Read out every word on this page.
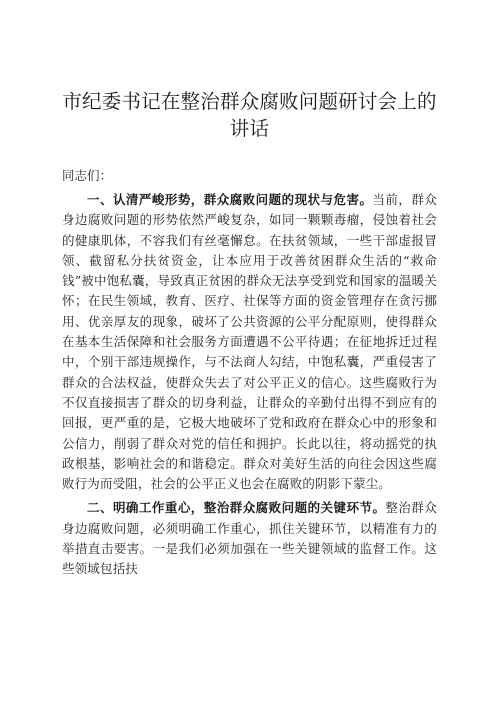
市纪委书记在整治群众腐败问题研讨会上的讲话
同志们：

一、认清严峻形势，群众腐败问题的现状与危害。当前，群众身边腐败问题的形势依然严峻复杂，如同一颗颗毒瘤，侵蚀着社会的健康肌体，不容我们有丝毫懈怠。在扶贫领域，一些干部虚报冒领、截留私分扶贫资金，让本应用于改善贫困群众生活的“救命钱”被中饱私囊，导致真正贫困的群众无法享受到党和国家的温暖关怀；在民生领域，教育、医疗、社保等方面的资金管理存在贪污挪用、优亲厚友的现象，破坏了公共资源的公平分配原则，使得群众在基本生活保障和社会服务方面遭遇不公平待遇；在征地拆迁过程中，个别干部违规操作，与不法商人勾结，中饱私囊，严重侵害了群众的合法权益，使群众失去了对公平正义的信心。这些腐败行为不仅直接损害了群众的切身利益，让群众的辛勤付出得不到应有的回报，更严重的是，它极大地破坏了党和政府在群众心中的形象和公信力，削弱了群众对党的信任和拥护。长此以往，将动摇党的执政根基，影响社会的和谐稳定。群众对美好生活的向往会因这些腐败行为而受阻，社会的公平正义也会在腐败的阴影下蒙尘。

二、明确工作重心，整治群众腐败问题的关键环节。整治群众身边腐败问题，必须明确工作重心，抓住关键环节，以精准有力的举措直击要害。一是我们必须加强在一些关键领域的监督工作。这些领域包括扶
